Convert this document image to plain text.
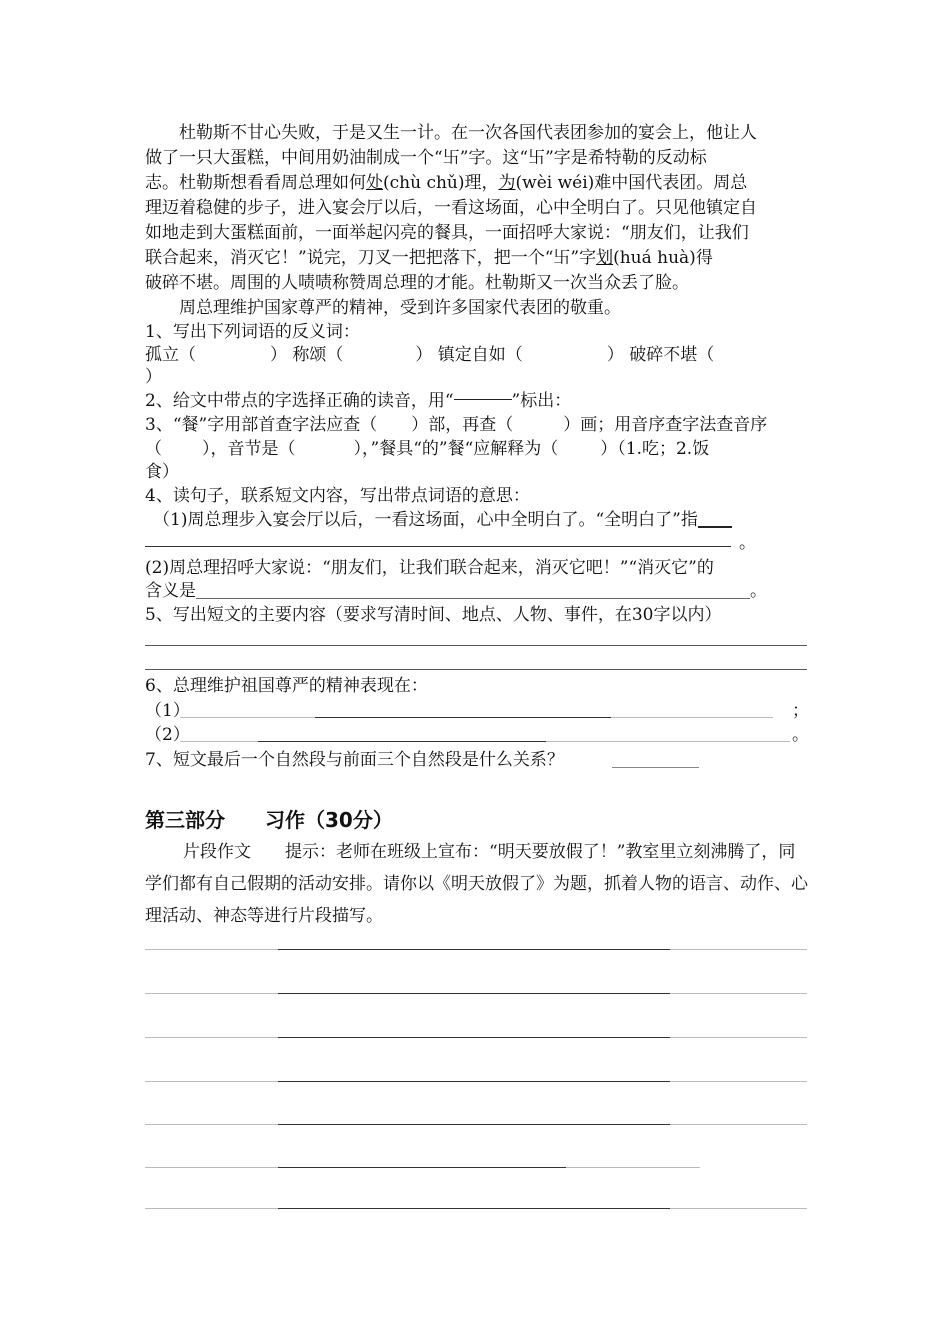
杜勒斯不甘心失败，于是又生一计。在一次各国代表团参加的宴会上，他让人
做了一只大蛋糕，中间用奶油制成一个“卐”字。这“卐”字是希特勒的反动标
志。杜勒斯想看看周总理如何处(chù chǔ)理，为(wèi wéi)难中国代表团。周总
理迈着稳健的步子，进入宴会厅以后，一看这场面，心中全明白了。只见他镇定自
如地走到大蛋糕面前，一面举起闪亮的餐具，一面招呼大家说：“朋友们，让我们
联合起来，消灭它！”说完，刀叉一把把落下，把一个“卐”字划(huá huà)得
破碎不堪。周围的人啧啧称赞周总理的才能。杜勒斯又一次当众丢了脸。
周总理维护国家尊严的精神，受到许多国家代表团的敬重。
1、写出下列词语的反义词：
孤立（	） 称颂（	） 镇定自如（	） 破碎不堪（
）
2、给文中带点的字选择正确的读音，用“	”标出：
3、“餐”字用部首查字法应查（ ）部，再查（	）画；用音序查字法查音序
（ ），音节是（	），”餐具“的”餐“应解释为（ ）（1.吃；2.饭
食）
4、读句子，联系短文内容，写出带点词语的意思：
（1)周总理步入宴会厅以后，一看这场面，心中全明白了。“全明白了”指
。
(2)周总理招呼大家说：“朋友们，让我们联合起来，消灭它吧！”“消灭它”的
含义是	。
5、写出短文的主要内容（要求写清时间、地点、人物、事件，在30字以内）
6、总理维护祖国尊严的精神表现在：
（1）	；
（2）	。
7、短文最后一个自然段与前面三个自然段是什么关系？
第三部分 习作（30分）
片段作文　　提示：老师在班级上宣布：“明天要放假了！”教室里立刻沸腾了，同学们都有自己假期的活动安排。请你以《明天放假了》为题，抓着人物的语言、动作、心理活动、神态等进行片段描写。
